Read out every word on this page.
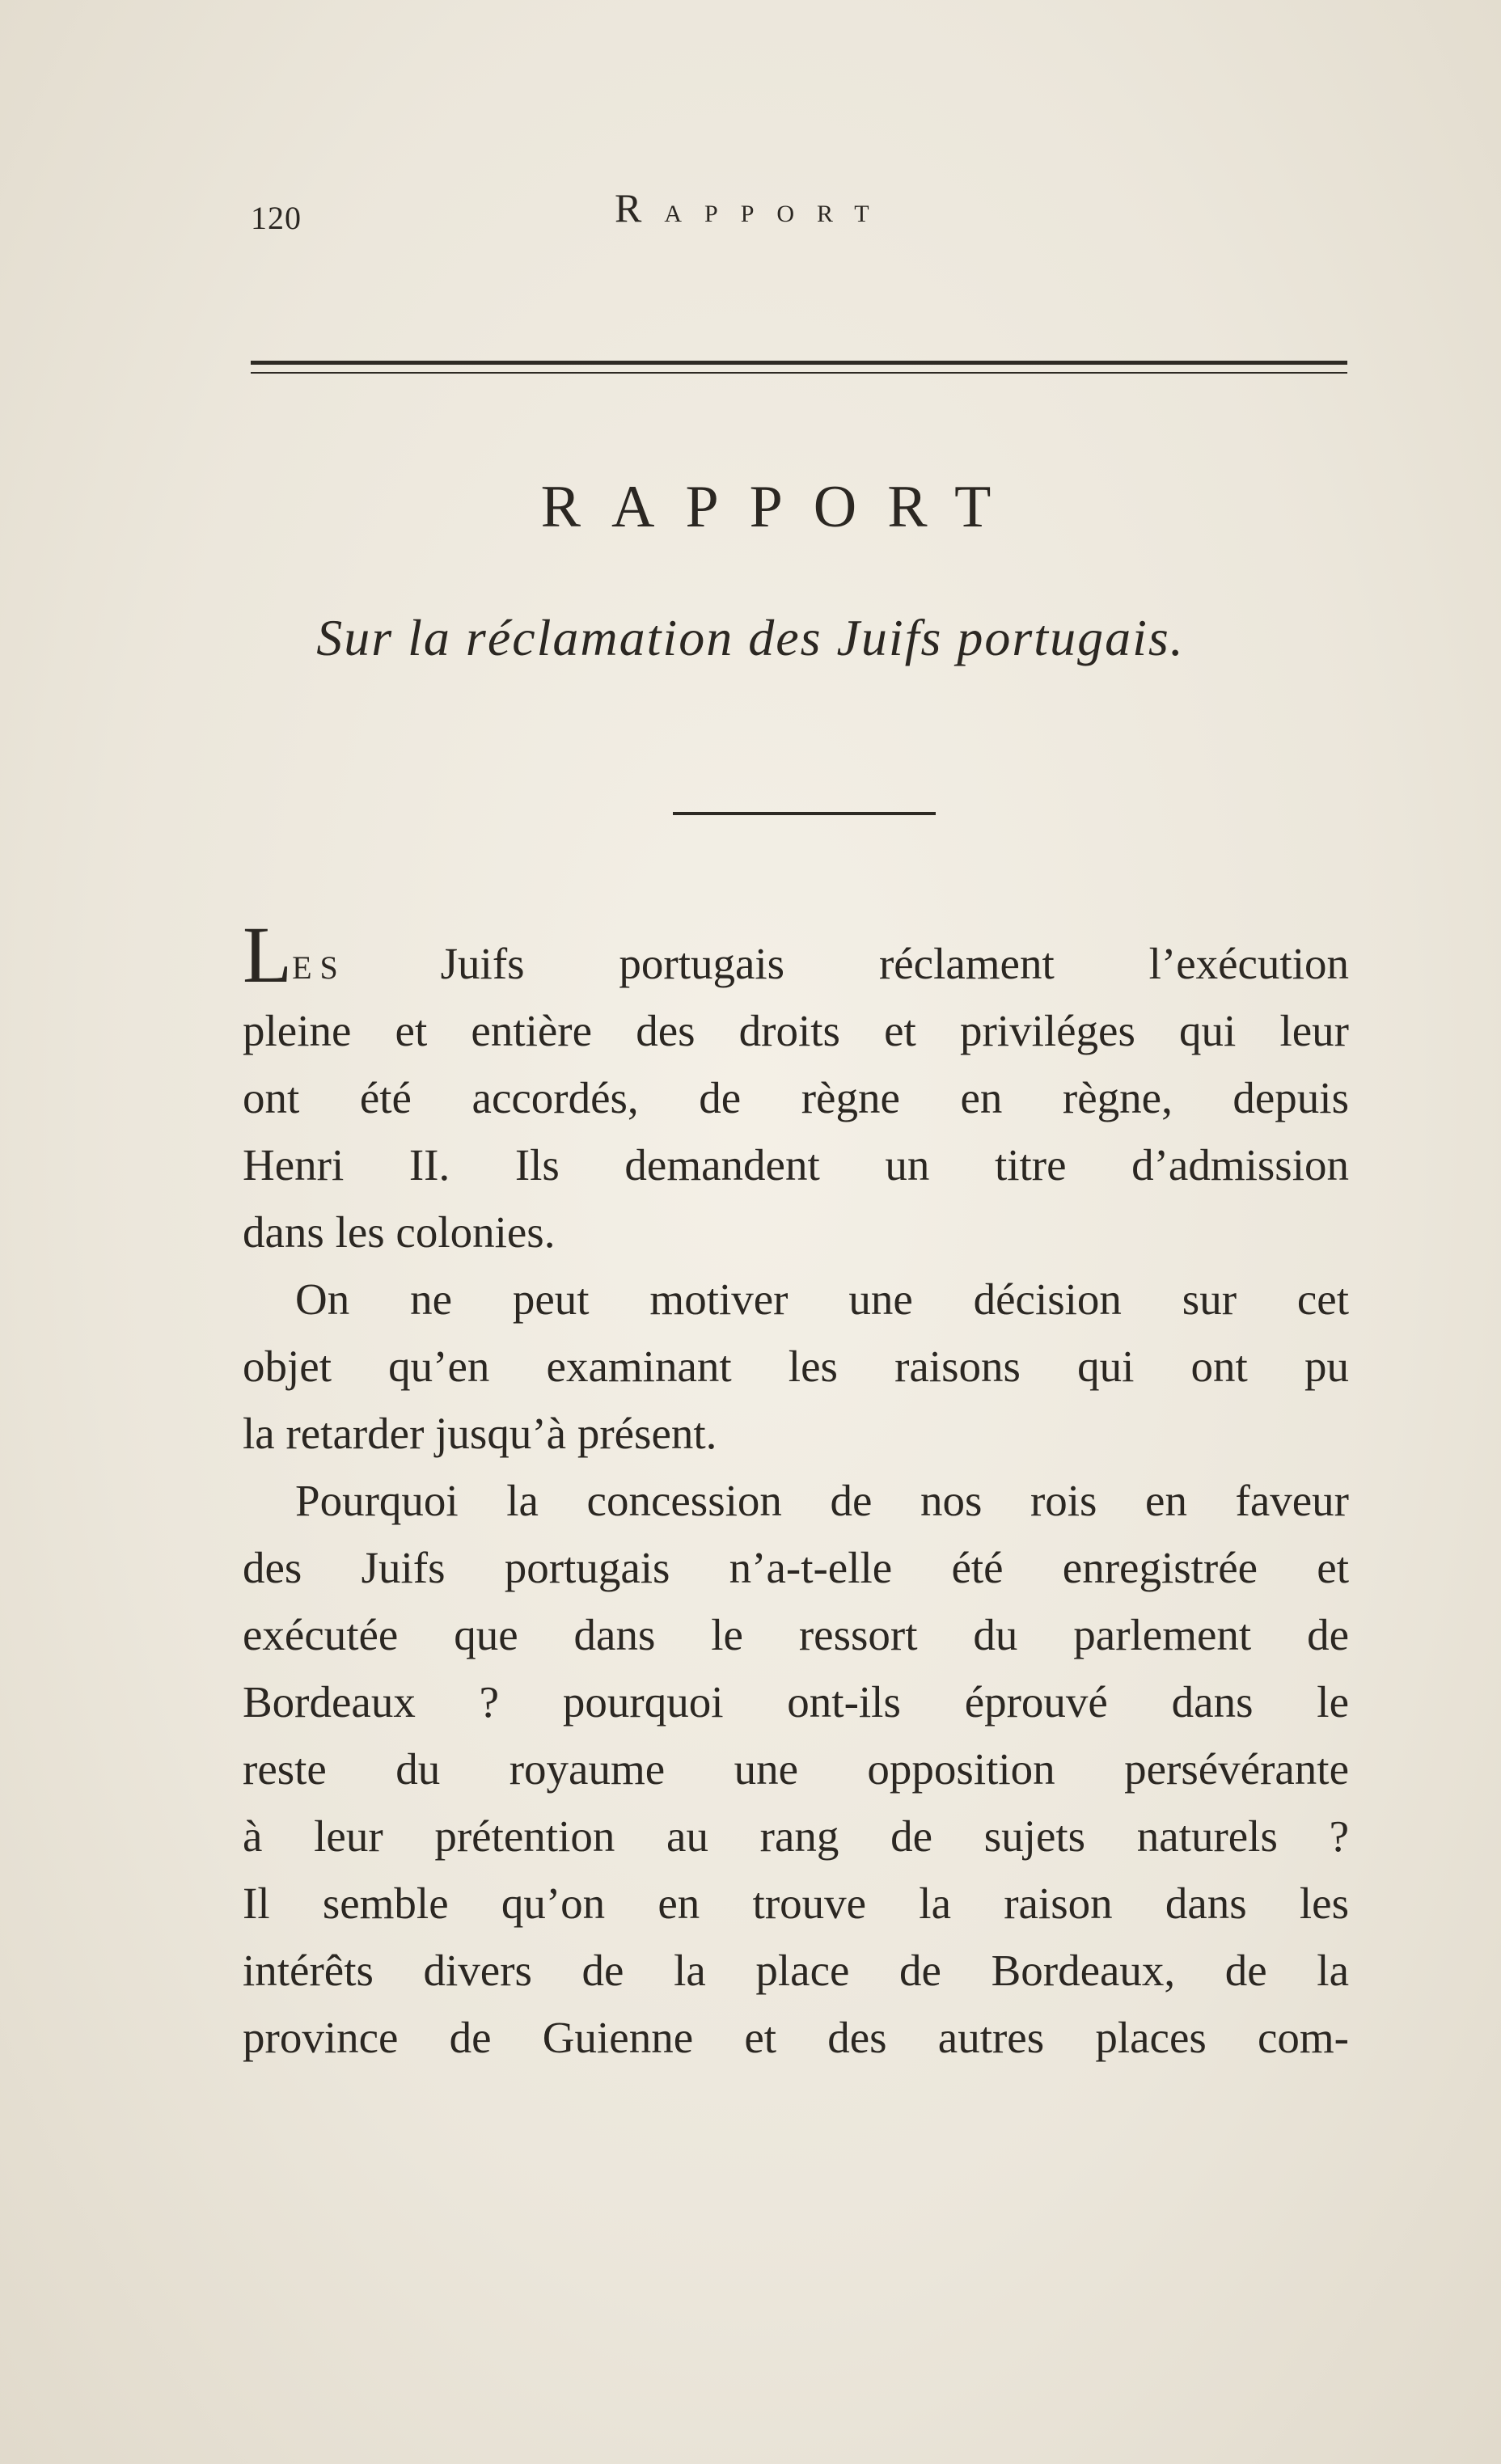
120	RAPPORT
RAPPORT
Sur la réclamation des Juifs portugais.
LES Juifs portugais réclament l’exécution
pleine et entière des droits et priviléges qui leur
ont été accordés, de règne en règne, depuis
Henri II. Ils demandent un titre d’admission
dans les colonies.
On ne peut motiver une décision sur cet
objet qu’en examinant les raisons qui ont pu
la retarder jusqu’à présent.
Pourquoi la concession de nos rois en faveur
des Juifs portugais n’a-t-elle été enregistrée et
exécutée que dans le ressort du parlement de
Bordeaux ? pourquoi ont-ils éprouvé dans le
reste du royaume une opposition persévérante
à leur prétention au rang de sujets naturels ?
Il semble qu’on en trouve la raison dans les
intérêts divers de la place de Bordeaux, de la
province de Guienne et des autres places com-
